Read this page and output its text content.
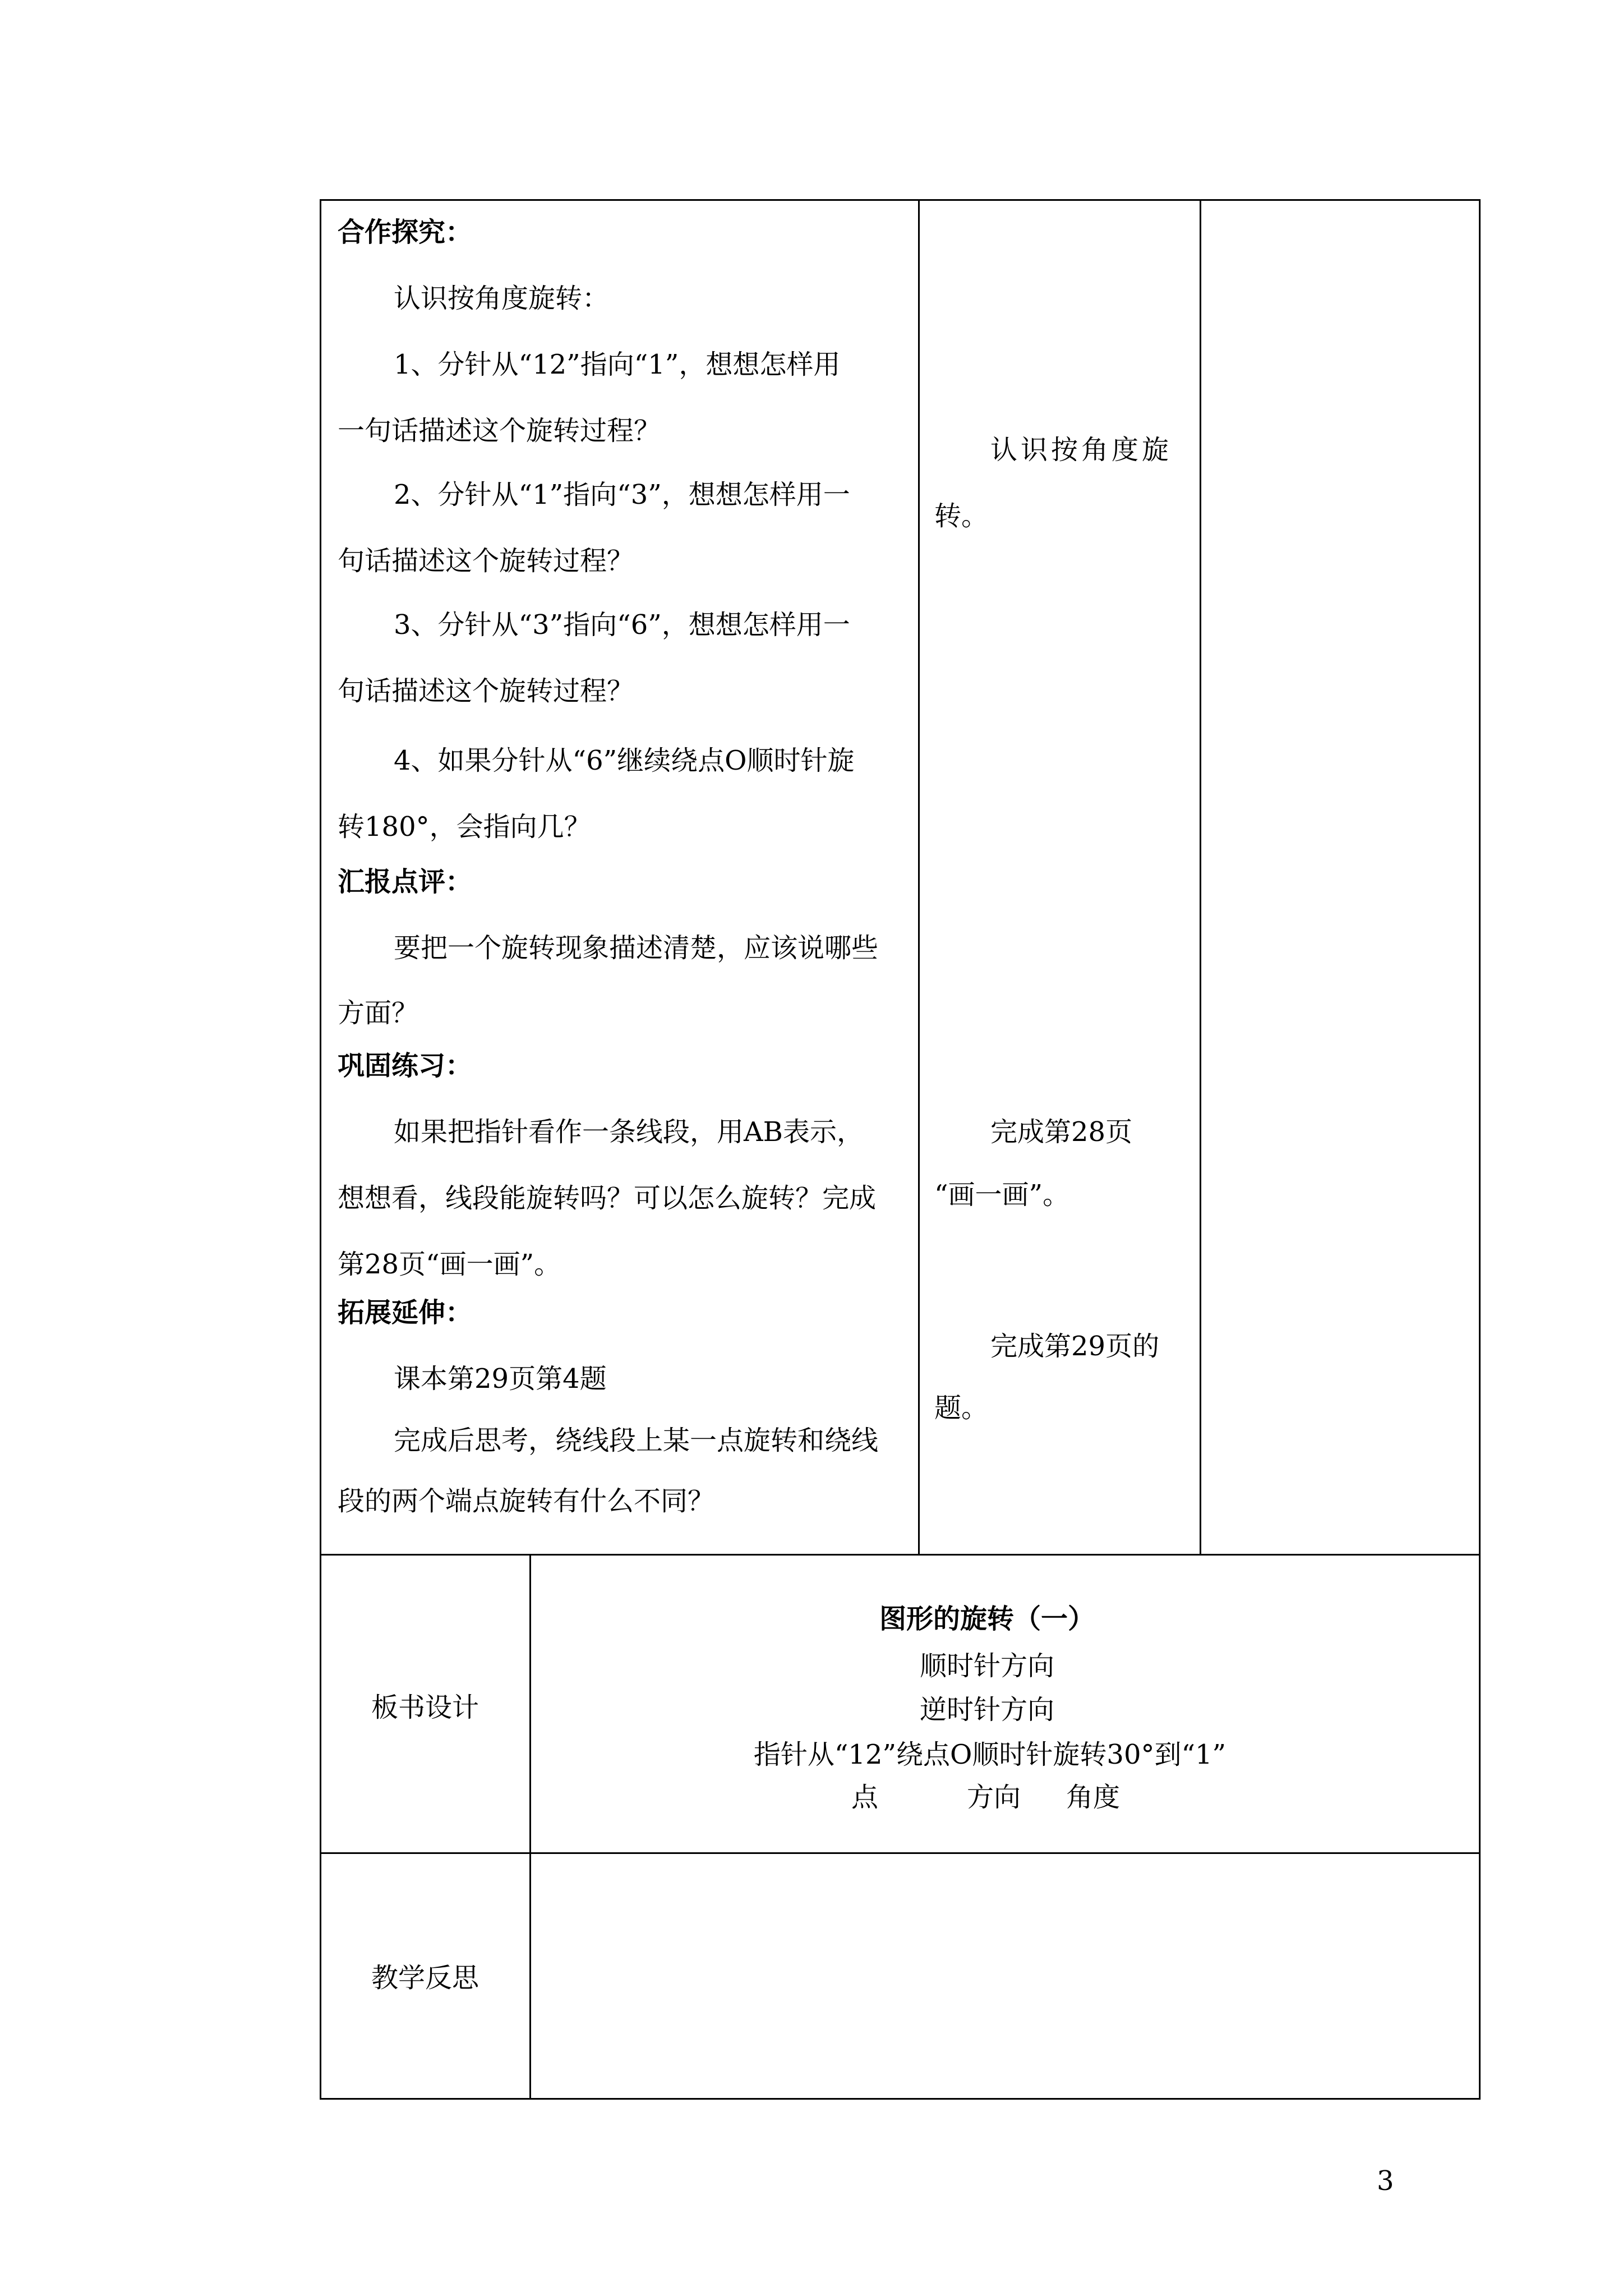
合作探究：
认识按角度旋转：
1、分针从“12”指向“1”，想想怎样用
一句话描述这个旋转过程？
2、分针从“1”指向“3”，想想怎样用一
句话描述这个旋转过程？
3、分针从“3”指向“6”，想想怎样用一
句话描述这个旋转过程？
4、如果分针从“6”继续绕点O顺时针旋
转180°，会指向几？
汇报点评：
要把一个旋转现象描述清楚，应该说哪些
方面？
巩固练习：
如果把指针看作一条线段，用AB表示，
想想看，线段能旋转吗？可以怎么旋转？完成
第28页“画一画”。
拓展延伸：
课本第29页第4题
完成后思考，绕线段上某一点旋转和绕线
段的两个端点旋转有什么不同？
认识按角度旋
转。
完成第28页
“画一画”。
完成第29页的
题。
板书设计
图形的旋转（一）
顺时针方向
逆时针方向
指针从“12”绕点O顺时针旋转30°到“1”
点	方向 角度
教学反思
3
